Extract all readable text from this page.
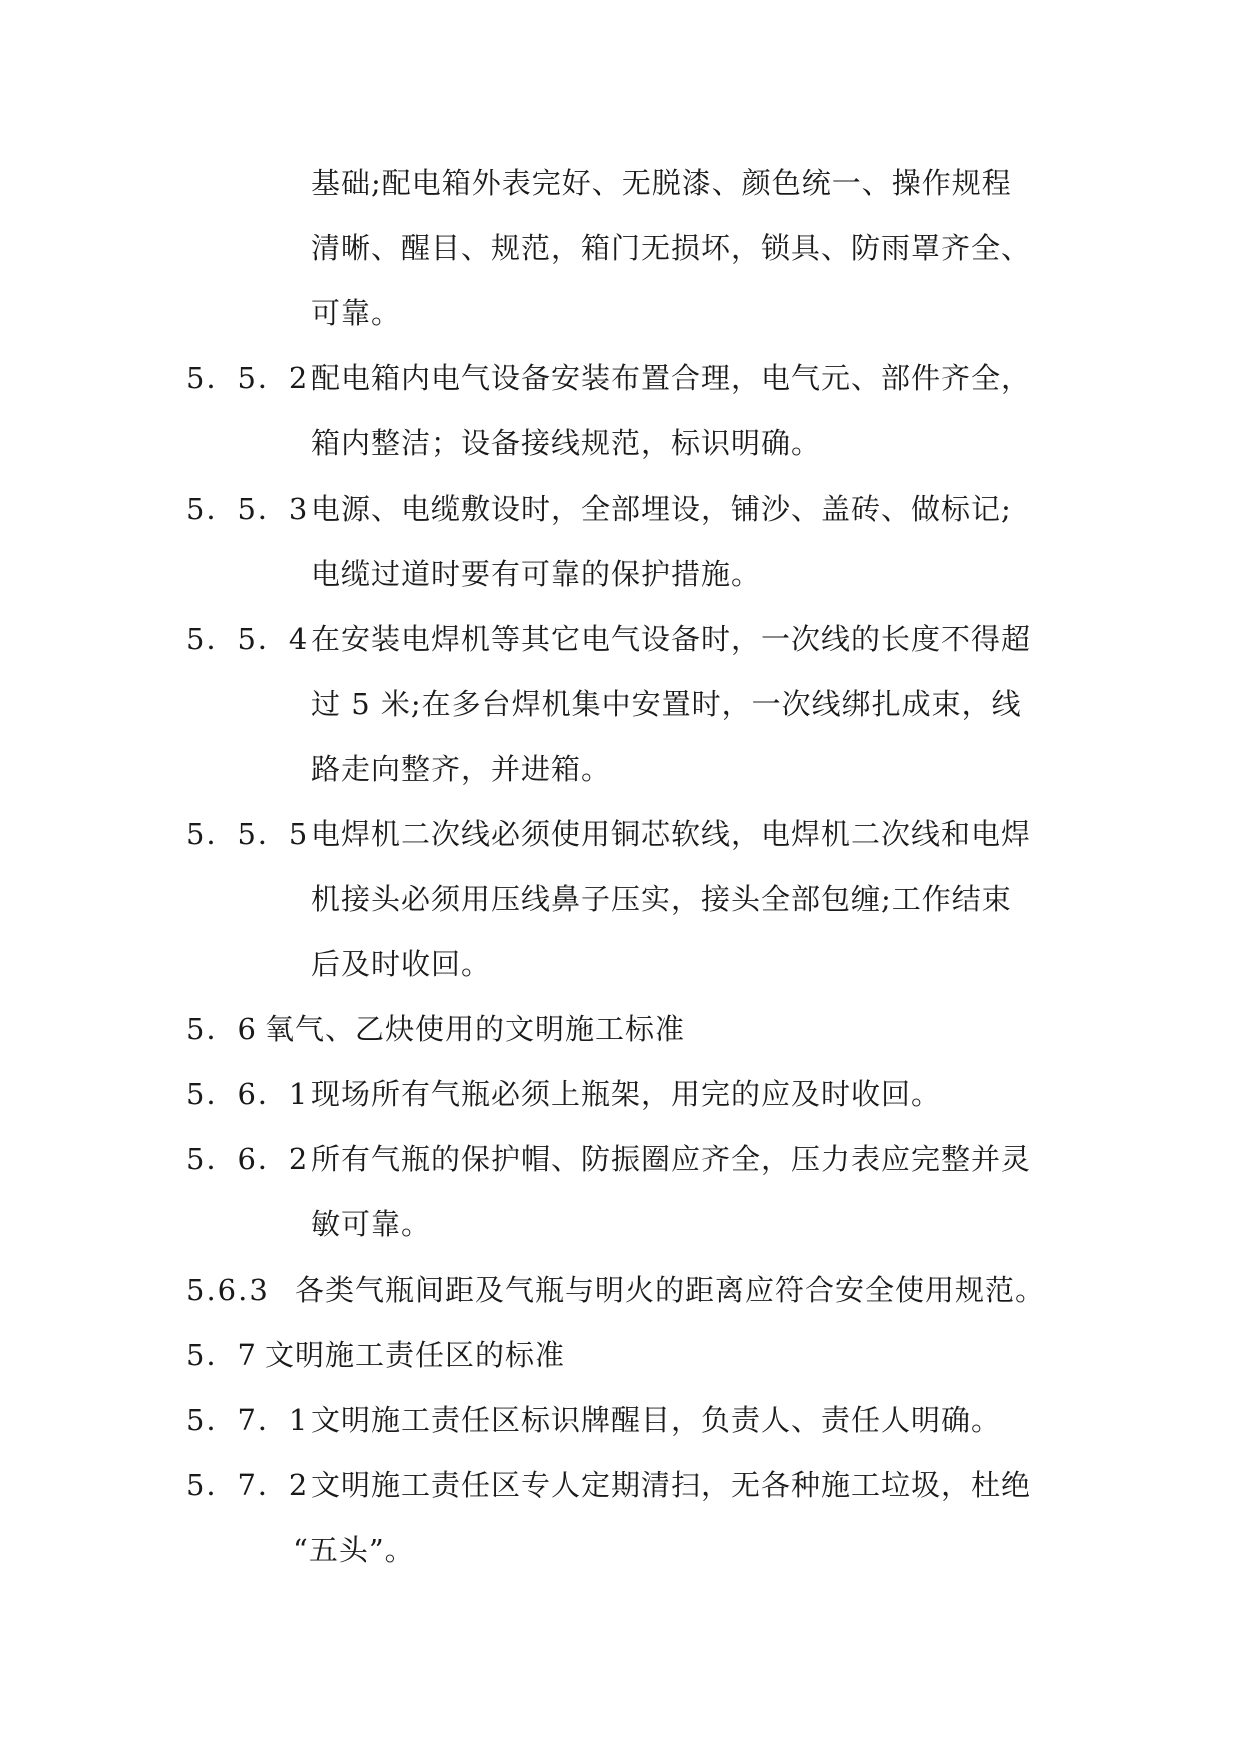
基础;配电箱外表完好、无脱漆、颜色统一、操作规程
清晰、醒目、规范，箱门无损坏，锁具、防雨罩齐全、
可靠。
5．5．2配电箱内电气设备安装布置合理，电气元、部件齐全，
箱内整洁；设备接线规范，标识明确。
5．5．3电源、电缆敷设时，全部埋设，铺沙、盖砖、做标记;
电缆过道时要有可靠的保护措施。
5．5．4在安装电焊机等其它电气设备时，一次线的长度不得超
过 5 米;在多台焊机集中安置时，一次线绑扎成束，线
路走向整齐，并进箱。
5．5．5电焊机二次线必须使用铜芯软线，电焊机二次线和电焊
机接头必须用压线鼻子压实，接头全部包缠;工作结束
后及时收回。
5．6 氧气、乙炔使用的文明施工标准
5．6．1现场所有气瓶必须上瓶架，用完的应及时收回。
5．6．2所有气瓶的保护帽、防振圈应齐全，压力表应完整并灵
敏可靠。
5.6.3 各类气瓶间距及气瓶与明火的距离应符合安全使用规范。
5．7 文明施工责任区的标准
5．7．1文明施工责任区标识牌醒目，负责人、责任人明确。
5．7．2文明施工责任区专人定期清扫，无各种施工垃圾，杜绝
“五头”。
